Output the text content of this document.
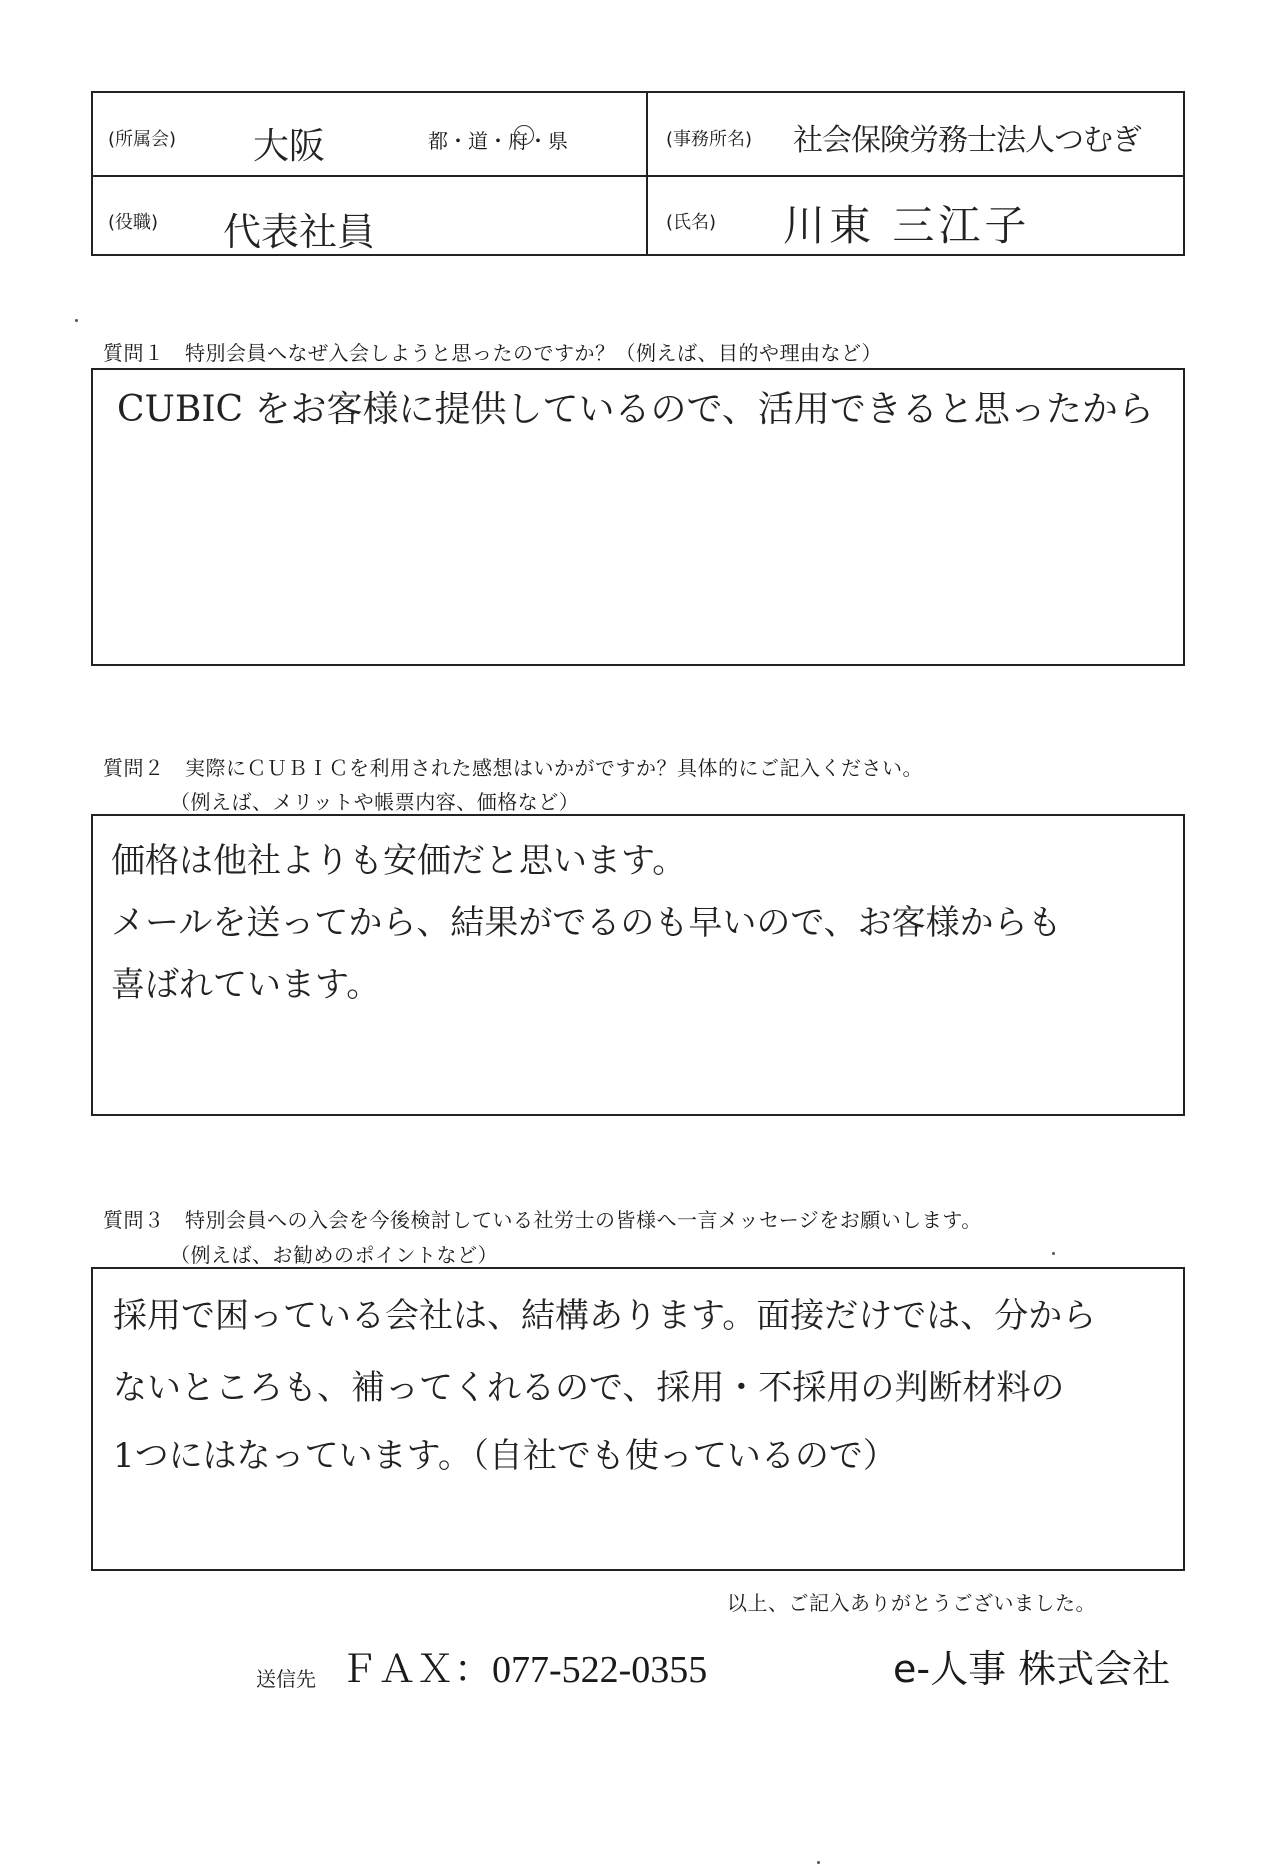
(所属会) 大阪	都・道・府・県	(事務所名) 社会保険労務士法人つむぎ
(役職) 代表社員	(氏名) 川東 三江子
質問１　特別会員へなぜ入会しようと思ったのですか？（例えば、目的や理由など）
CUBIC をお客様に提供しているので、活用できると思ったから
質問２　実際にＣＵＢＩＣを利用された感想はいかがですか？具体的にご記入ください。
（例えば、メリットや帳票内容、価格など）
価格は他社よりも安価だと思います。
メールを送ってから、結果がでるのも早いので、お客様からも
喜ばれています。
質問３　特別会員への入会を今後検討している社労士の皆様へ一言メッセージをお願いします。
（例えば、お勧めのポイントなど）
採用で困っている会社は、結構あります。面接だけでは、分から
ないところも、補ってくれるので、採用・不採用の判断材料の
1つにはなっています。（自社でも使っているので）
以上、ご記入ありがとうございました。
送信先 ＦＡＸ：077-522-0355	e-人事 株式会社
